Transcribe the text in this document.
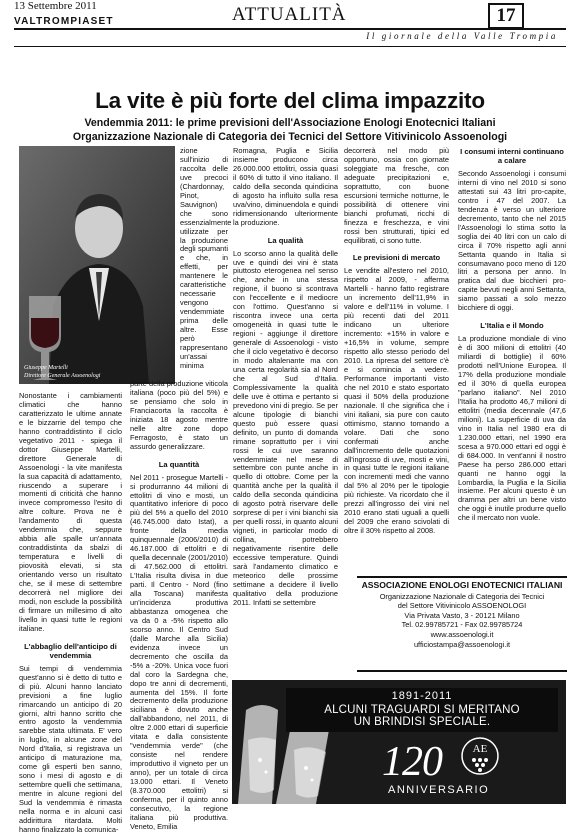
13 Settembre 2011
VALTROMPIASET	ATTUALITÀ	17
Il giornale della Valle Trompia
La vite è più forte del clima impazzito
Vendemmia 2011: le prime previsioni dell'Associazione Enologi Enotecnici Italiani
Organizzazione Nazionale di Categoria dei Tecnici del Settore Vitivinicolo Assoenologi
Giuseppe Martelli
Direttore Generale Assoenologi

zione sull'inizio di raccolta delle uve precoci (Chardonnay, Pinot, Sauvignon) che sono essenzialmente utilizzate per la produzione degli spumanti e che, in effetti, per mantenere le caratteristiche necessarie vengono vendemmiate prima delle altre. Esse però rappresentano un'assai minima

Nonostante i cambiamenti climatici che hanno caratterizzato le ultime annate e le bizzarrie del tempo che hanno contraddistinto il ciclo vegetativo 2011 - spiega il dottor Giuseppe Martelli, direttore Generale di Assoenologi - la vite manifesta la sua capacità di adattamento, riuscendo a superare i momenti di criticità che hanno invece compromesso l'esito di altre colture. Prova ne è l'andamento di questa vendemmia che, seppure abbia alle spalle un'annata contraddistinta da sbalzi di temperatura e livelli di piovosità elevati, si sta orientando verso un risultato che, se il mese di settembre decorrerà nel migliore dei modi, non esclude la possibilità di firmare un millesimo di alto livello in quasi tutte le regioni italiane.

L'abbaglio dell'anticipo di vendemmia

Sui tempi di vendemmia quest'anno si è detto di tutto e di più. Alcuni hanno lanciato previsioni a fine luglio rimarcando un anticipo di 20 giorni, altri hanno scritto che entro agosto la vendemmia sarebbe stata ultimata. E' vero in luglio, in alcune zone del Nord d'Italia, si registrava un anticipo di maturazione ma, come gli esperti ben sanno, sono i mesi di agosto e di settembre quelli che settimana, mentre in alcune regioni del Sud la vendemmia è rimasta nella norma e in alcuni casi addirittura ritardata. Molti hanno finalizzato la comunica-

parte della produzione viticola italiana (poco più del 5%) e se pensiamo che solo in Franciacorta la raccolta è iniziata 18 agosto mentre nelle altre zone dopo Ferragosto, è stato un assurdo generalizzare.

La quantità

Nel 2011 - prosegue Martelli - si produrranno 44 milioni di ettolitri di vino e mosti, un quantitativo inferiore di poco più del 5% a quello del 2010 (46.745.000 dato Istat), a fronte della media quinquennale (2006/2010) di 46.187.000 di ettolitri e di quella decennale (2001/2010) di 47.562.000 di ettolitri. L'Italia risulta divisa in due parti. Il Centro - Nord (fino alla Toscana) manifesta un'incidenza produttiva abbastanza omogenea che va da 0 a -5% rispetto allo scorso anno. Il Centro Sud (dalle Marche alla Sicilia) evidenza invece un decremento che oscilla da -5% a -20%. Unica voce fuori dal coro la Sardegna che, dopo tre anni di decrementi, aumenta del 15%. Il forte decremento della produzione siciliana è dovuto anche dall'abbandono, nel 2011, di oltre 2.000 ettari di superficie vitata e dalla consistente "vendemmia verde" (che consiste nel rendere improduttivo il vigneto per un anno), per un totale di circa 13.000 ettari. Il Veneto (8.370.000 ettolitri) si conferma, per il quinto anno consecutivo, la regione italiana più produttiva. Veneto, Emilia

Romagna, Puglia e Sicilia insieme producono circa 26.000.000 ettolitri, ossia quasi il 60% di tutto il vino italiano. Il caldo della seconda quindicina di agosto ha influito sulla resa uva/vino, diminuendola e quindi ridimensionando ulteriormente la produzione.

La qualità

Lo scorso anno la qualità delle uve e quindi dei vini è stata piuttosto eterogenea nel senso che, anche in una stessa regione, il buono si scontrava con l'eccellente e il mediocre con l'ottimo. Quest'anno si riscontra invece una certa omogeneità in quasi tutte le regioni - aggiunge il direttore generale di Assoenologi - visto che il ciclo vegetativo è decorso in modo altalenante ma con una certa regolarità sia al Nord che al Sud d'Italia. Complessivamente la qualità delle uve è ottima e pertanto si prevedono vini di pregio. Se per alcune tipologie di bianchi questo può essere quasi definito, un punto di domanda rimane soprattutto per i vini rossi le cui uve saranno vendemmiate nel mese di settembre con punte anche in quello di ottobre. Come per la quantità anche per la qualità il caldo della seconda quindicina di agosto potrà riservare delle sorprese di per i vini bianchi sia per quelli rossi, in quanto alcuni vigneti, in particolar modo di collina, potrebbero negativamente risentire delle eccessive temperature. Quindi sarà l'andamento climatico e meteorico delle prossime settimane a decidere il livello qualitativo della produzione 2011. Infatti se settembre

decorrerà nel modo più opportuno, ossia con giornate soleggiate ma fresche, con adeguate precipitazioni e, soprattutto, con buone escursioni termiche notturne, le possibilità di ottenere vini bianchi profumati, ricchi di finezza e freschezza, e vini rossi ben strutturati, tipici ed equilibrati, ci sono tutte.

Le previsioni di mercato

Le vendite all'estero nel 2010, rispetto al 2009, - afferma Martelli - hanno fatto registrare un incremento dell'11,9% in valore e dell'11% in volume. I più recenti dati del 2011 indicano un ulteriore incremento: +15% in valore e +16,5% in volume, sempre rispetto allo stesso periodo del 2010. La ripresa del settore c'è e si comincia a vedere. Performance importanti visto che nel 2010 e stato esportato quasi il 50% della produzione nazionale. Il che significa che i vini italiani, sia pure con cauto ottimismo, stanno tornando a volare. Dati che sono confermati anche dall'incremento delle quotazioni all'ingrosso di uve, mosti e vini, in quasi tutte le regioni italiane con incrementi medi che vanno dal 5% al 20% per le tipologie più richieste. Va ricordato che il prezzi all'ingrosso dei vini nel 2010 erano stati uguali a quelli del 2009 che erano scivolati di oltre il 30% rispetto al 2008.

I consumi interni continuano a calare

Secondo Assoenologi i consumi interni di vino nel 2010 si sono attestati sui 43 litri pro-capite, contro i 47 del 2007. La tendenza è verso un ulteriore decremento, tanto che nel 2015 l'Assoenologi lo stima sotto la soglia dei 40 litri con un calo di circa il 70% rispetto agli anni Settanta quando in Italia si consumavano poco meno di 120 litri a persona per anno. In pratica dal due bicchieri pro-capite bevuti negli anni Settanta, siamo passati a solo mezzo bicchiere di oggi.

L'Italia e il Mondo

La produzione mondiale di vino è di 300 milioni di ettolitri (40 miliardi di bottiglie) il 60% prodotti nell'Unione Europea. Il 17% della produzione mondiale ed il 30% di quella europea "parlano italiano". Nel 2010 l'Italia ha prodotto 46,7 milioni di ettolitri (media decennale (47,6 milioni). La superficie di uva da vino in Italia nel 1980 era di 1.230.000 ettari, nel 1990 era scesa a 970.000 ettari ed oggi è di 684.000. In vent'anni il nostro Paese ha perso 286.000 ettari quanti ne hanno oggi la Lombardia, la Puglia e la Sicilia insieme. Per alcuni questo è un dramma per altri un bene visto che oggi è inutile produrre quello che il mercato non vuole.

ASSOCIAZIONE ENOLOGI ENOTECNICI ITALIANI
Organizzazione Nazionale di Categoria dei Tecnici
del Settore Vitivinicolo ASSOENOLOGI
Via Privata Vasto, 3 - 20121 Milano
Tel. 02.99785721 - Fax 02.99785724
www.assoenologi.it
ufficiostampa@assoenologi.it
1891-2011
ALCUNI TRAGUARDI SI MERITANO
UN BRINDISI SPECIALE.
120	AE
ANNIVERSARIO
